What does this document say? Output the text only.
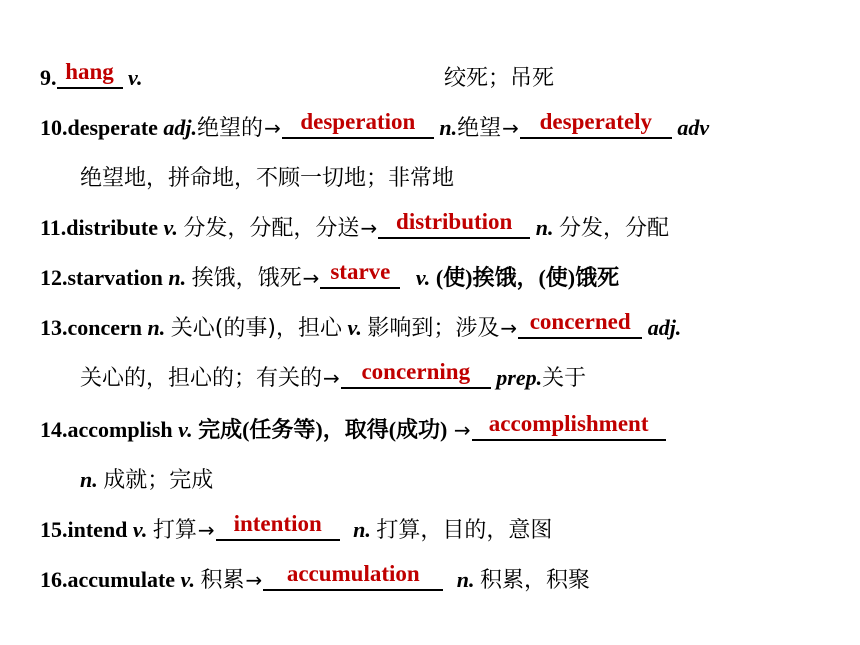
9. hang v.	绞死；吊死
10.desperate adj.绝望的→ desperation	n.绝望→ desperately	adv
绝望地，拼命地，不顾一切地；非常地
11.distribute v. 分发，分配，分送→ distribution	n. 分发，分配
12.starvation n. 挨饿，饿死→ starve	v. (使)挨饿，(使)饿死
13.concern n. 关心(的事)，担心 v. 影响到；涉及→ concerned adj.
关心的，担心的；有关的→ concerning	prep.关于
14.accomplish v. 完成(任务等)，取得(成功) → accomplishment
n. 成就；完成
15.intend v. 打算→ intention	n. 打算，目的，意图
16.accumulate v. 积累→	accumulation	n. 积累，积聚
